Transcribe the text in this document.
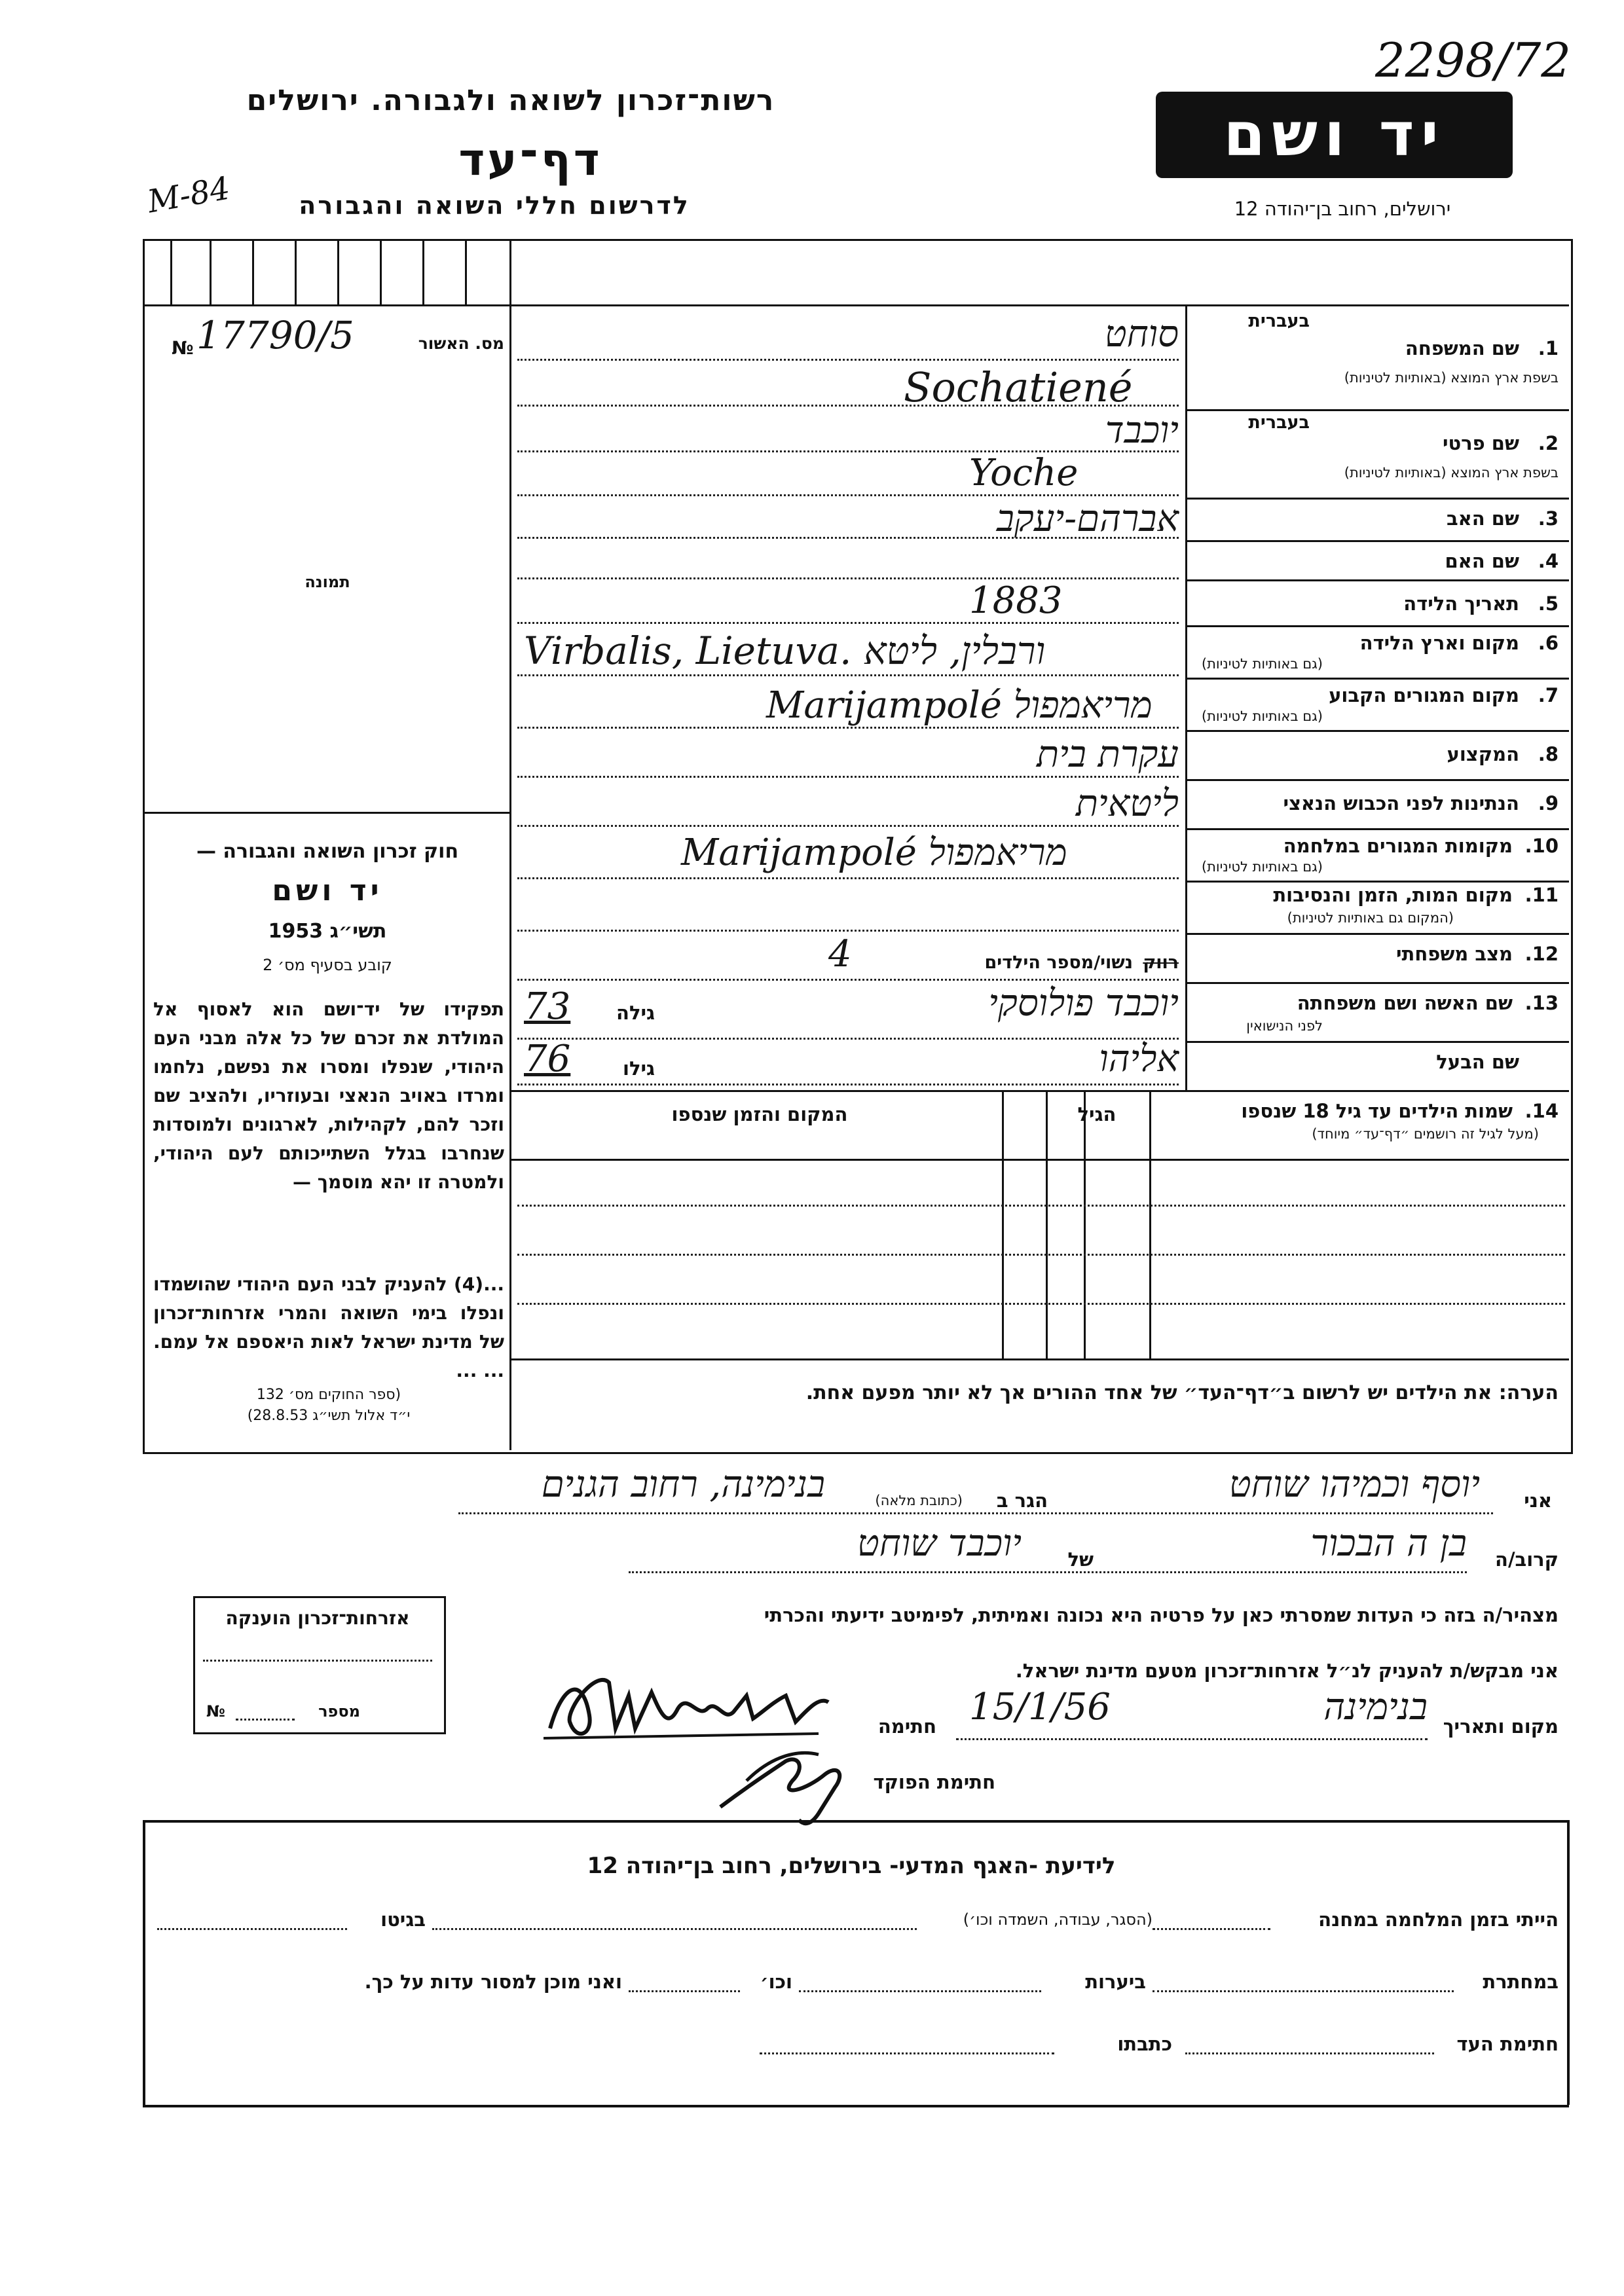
2298/72
רשות־זכרון לשואה ולגבורה. ירושלים
דף־עד
M-84	לדרשום חללי השואה והגבורה
יד ושם
ירושלים, רחוב בן־יהודה 12
№ 17790/5	מס. האשור
תמונה
חוק זכרון השואה והגבורה —
יד ושם
תשי״ג 1953
קובע בסעיף מס׳ 2
תפקידו של יד־ושם הוא לאסוף אל המולדת את זכרם של כל אלה מבני העם היהודי, שנפלו ומסרו את נפשם, נלחמו ומרדו באויב הנאצי ובעוזריו, ולהציב שם וזכר להם, לקהילות, לארגונים ולמוסדות שנחרבו בגלל השתייכותם לעם היהודי, ולמטרה זו יהא מוסמך —
...(4) להעניק לבני העם היהודי שהושמדו ונפלו בימי השואה והמרי אזרחות־זכרון של מדינת ישראל לאות היאספם אל עמם. ... ...
(ספר החוקים מס׳ 132
י״ד אלול תשי״ג 28.8.53)
1.
שם המשפחה
בעברית
בשפת ארץ המוצא (באותיות לטיניות)
סוחט
Sochatiené
2.
שם פרטי
בעברית
בשפת ארץ המוצא (באותיות לטיניות)
יוכבד
Yoche
3.
שם האב
אברהם-יעקב
4.
שם האם
5.
תאריך הלידה
1883
6.
מקום וארץ הלידה
(גם באותיות לטיניות)
Virbalis, Lietuva. ורבלין, ליטא
7.
מקום המגורים הקבוע
(גם באותיות לטיניות)
Marijampolé מריאמפול
8.
המקצוע
עקרת בית
9.
הנתינות לפני הכבוש הנאצי
ליטאית
10.
מקומות המגורים במלחמה
(גם באותיות לטיניות)
Marijampolé מריאמפול
11.
מקום המות, הזמן והנסיבות
(המקום גם באותיות לטיניות)
12.
מצב משפחתי
נשוי/מספר הילדים רווק
4
13.
שם האשה ושם משפחתה
לפני הנישואין
יוכבד פולוסקי
גילה
73
שם הבעל
אליהו
גילו
76
14.
שמות הילדים עד גיל 18 שנספו
(מעל לגיל זה רושמים ״דף־עד״ מיוחד)
הגיל
המקום והזמן שנספו
הערה: את הילדים יש לרשום ב״דף־העד״ של אחד ההורים אך לא יותר מפעם אחת.
אני
יוסף וכמיהו שוחט
הגר ב
(כתובת מלאה)
בנימינה, רחוב הגנים
קרוב/ה
בן ה הבכור
של
יוכבד שוחט
מצהיר/ה בזה כי העדות שמסרתי כאן על פרטיה היא נכונה ואמיתית, לפימיטב ידיעתי והכרתי
אני מבקש/ת להעניק לנ״ל אזרחות־זכרון מטעם מדינת ישראל.
מקום ותאריך
בנימינה
15/1/56
חתימה
חתימת הפוקד
אזרחות־זכרון הוענקה
מספר
№
לידיעת -האגף המדעי- בירושלים, רחוב בן־יהודה 12
הייתי בזמן המלחמה במחנה
(הסגר, עבודה, השמדה וכו׳)
בגיטו
במחתרת
ביערות
וכו׳
ואני מוכן למסור עדות על כך.
חתימת העד
כתבתו
